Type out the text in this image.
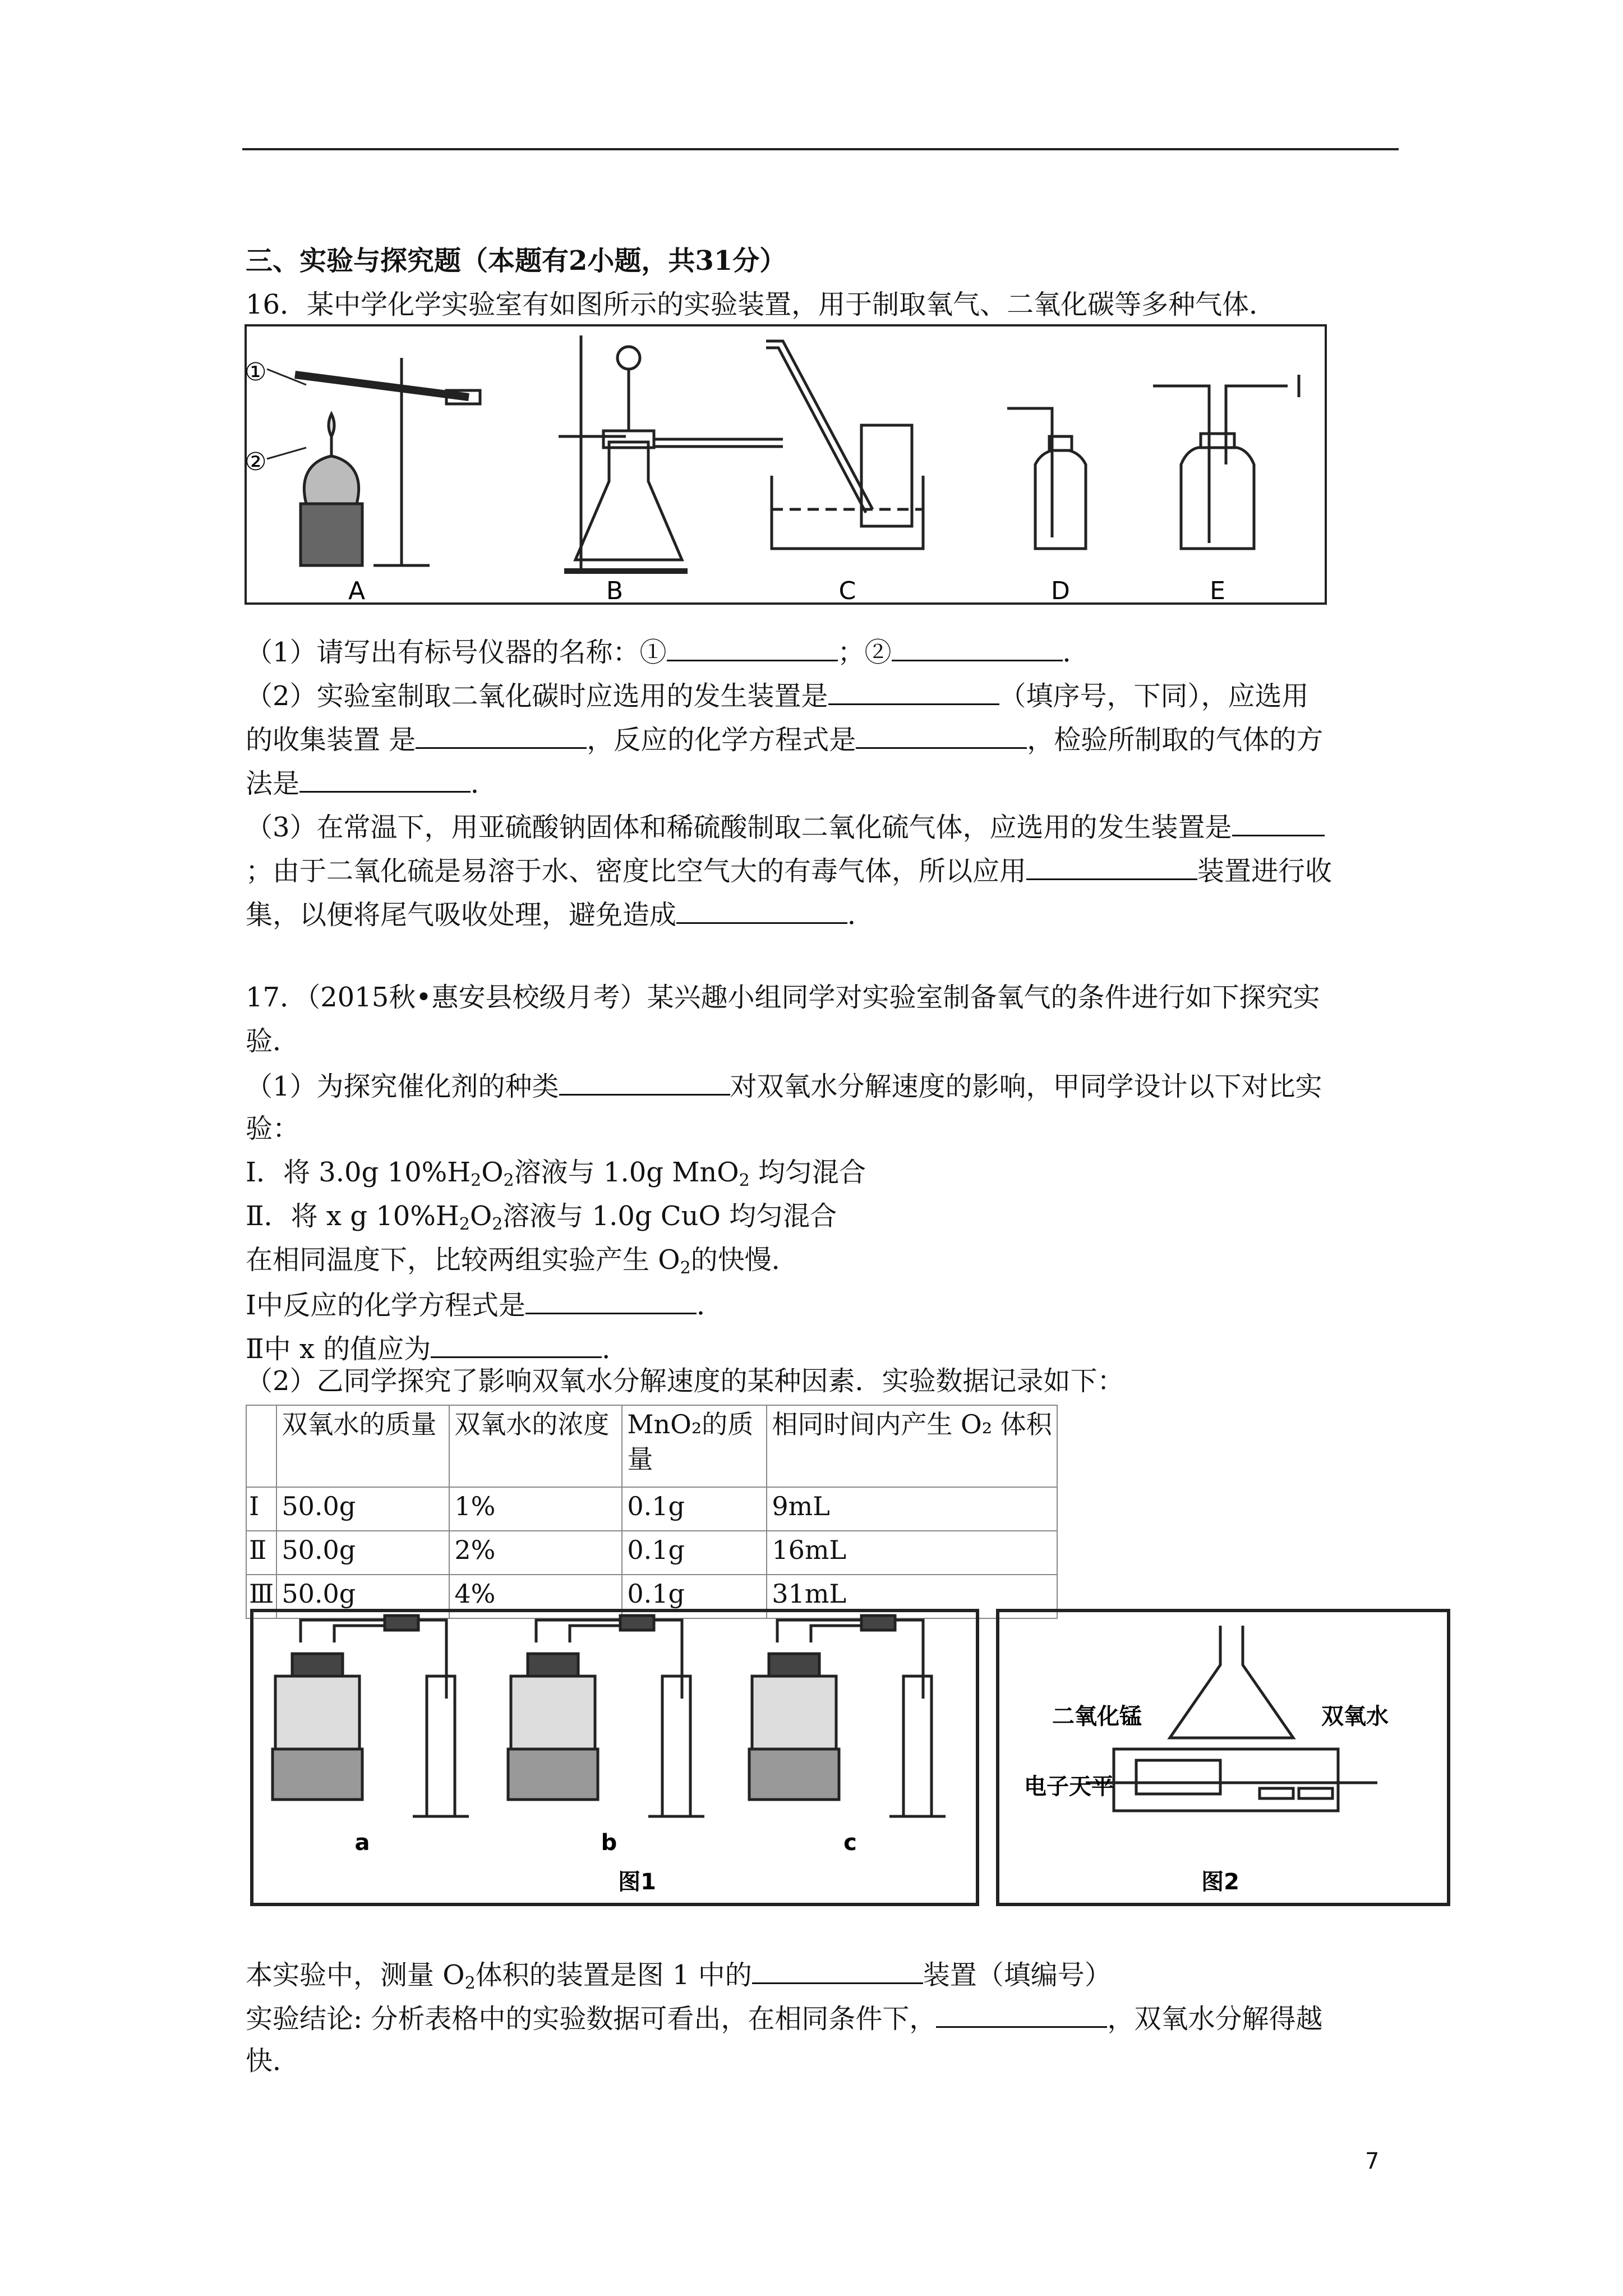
三、实验与探究题（本题有2小题，共31分）
16．某中学化学实验室有如图所示的实验装置，用于制取氧气、二氧化碳等多种气体．
①
②
A	B	C	D	E
（1）请写出有标号仪器的名称：①	；②	．
（2）实验室制取二氧化碳时应选用的发生装置是	（填序号，下同），应选用
的收集装置 是	，反应的化学方程式是	，检验所制取的气体的方
法是	．
（3）在常温下，用亚硫酸钠固体和稀硫酸制取二氧化硫气体，应选用的发生装置是
；由于二氧化硫是易溶于水、密度比空气大的有毒气体，所以应用	装置进行收
集，以便将尾气吸收处理，避免造成	．
17．（2015秋•惠安县校级月考）某兴趣小组同学对实验室制备氧气的条件进行如下探究实
验．
（1）为探究催化剂的种类	对双氧水分解速度的影响，甲同学设计以下对比实
验：
Ⅰ．将 3.0g $10\%H_2O_2$溶液与 1.0g MnO$_2$ 均匀混合
Ⅱ．将 x g $10\%H_2O_2$溶液与 1.0g CuO 均匀混合
在相同温度下，比较两组实验产生 $O_2$的快慢．
Ⅰ中反应的化学方程式是	．
Ⅱ中 x 的值应为	．
（2）乙同学探究了影响双氧水分解速度的某种因素．实验数据记录如下：
	双氧水的质量	双氧水的浓度	MnO₂的质量	相同时间内产生 O₂ 体积
Ⅰ	50.0g	1%	0.1g	9mL
Ⅱ	50.0g	2%	0.1g	16mL
Ⅲ	50.0g	4%	0.1g	31mL
a	b	c
图1
二氧化锰	双氧水
电子天平
图2
本实验中，测量 $O_2$体积的装置是图 1 中的	装置（填编号）
实验结论: 分析表格中的实验数据可看出，在相同条件下，	，双氧水分解得越
快．
7
